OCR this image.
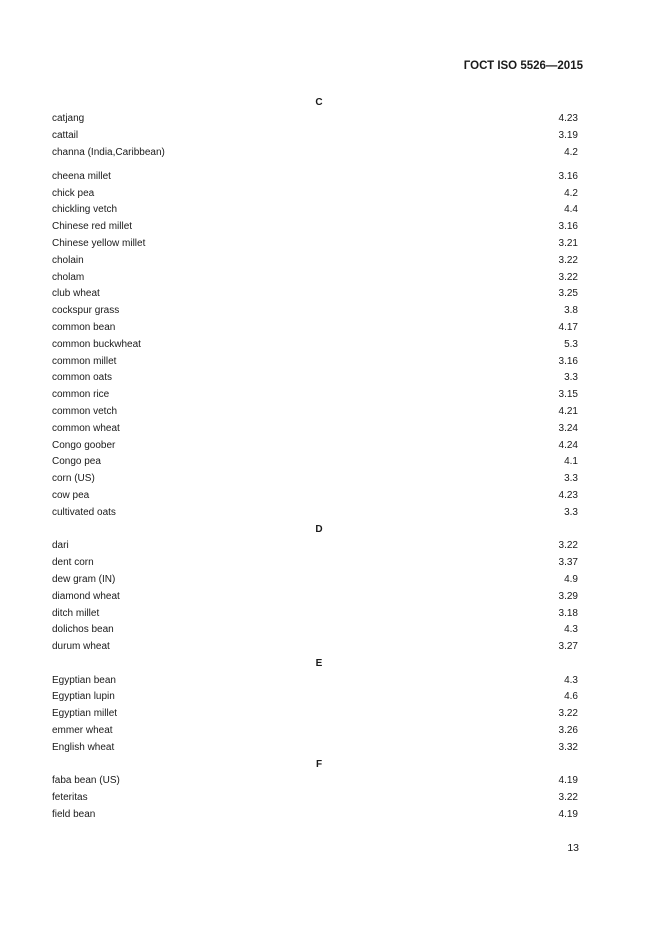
ГОСТ ISO 5526—2015
C
catjang	4.23
cattail	3.19
channa (India,Caribbean)	4.2
cheena millet	3.16
chick pea	4.2
chickling vetch	4.4
Chinese red millet	3.16
Chinese yellow millet	3.21
cholain	3.22
cholam	3.22
club wheat	3.25
cockspur grass	3.8
common bean	4.17
common buckwheat	5.3
common millet	3.16
common oats	3.3
common rice	3.15
common vetch	4.21
common wheat	3.24
Congo goober	4.24
Congo pea	4.1
corn (US)	3.3
cow pea	4.23
cultivated oats	3.3
D
dari	3.22
dent corn	3.37
dew gram (IN)	4.9
diamond wheat	3.29
ditch millet	3.18
dolichos bean	4.3
durum wheat	3.27
E
Egyptian bean	4.3
Egyptian lupin	4.6
Egyptian millet	3.22
emmer wheat	3.26
English wheat	3.32
F
faba bean (US)	4.19
feteritas	3.22
field bean	4.19
13
